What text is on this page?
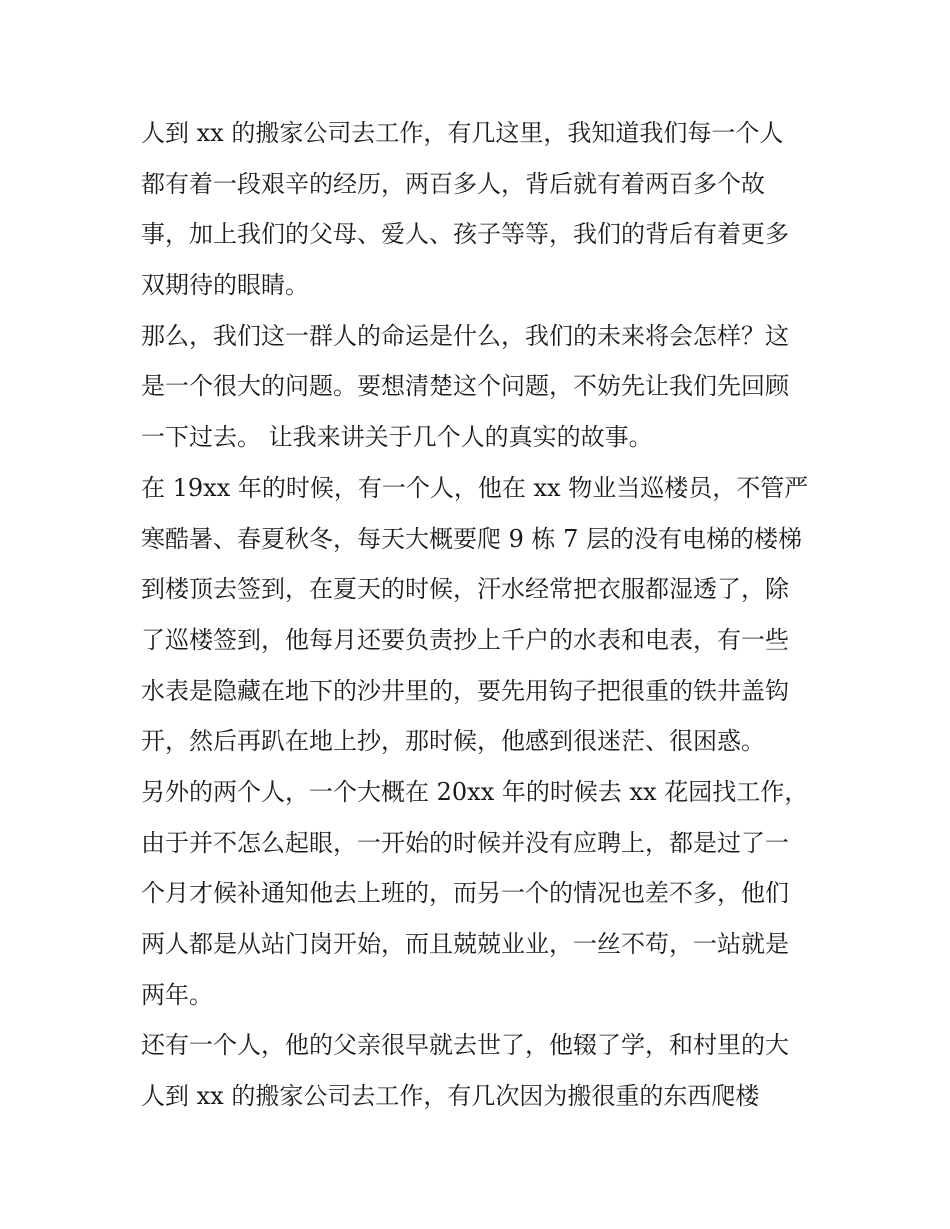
人到 xx 的搬家公司去工作，有几这里，我知道我们每一个人
都有着一段艰辛的经历，两百多人，背后就有着两百多个故
事，加上我们的父母、爱人、孩子等等，我们的背后有着更多
双期待的眼睛。

那么，我们这一群人的命运是什么，我们的未来将会怎样？这
是一个很大的问题。要想清楚这个问题，不妨先让我们先回顾
一下过去。 让我来讲关于几个人的真实的故事。

在 19xx 年的时候，有一个人，他在 xx 物业当巡楼员，不管严
寒酷暑、春夏秋冬，每天大概要爬 9 栋 7 层的没有电梯的楼梯
到楼顶去签到，在夏天的时候，汗水经常把衣服都湿透了，除
了巡楼签到，他每月还要负责抄上千户的水表和电表，有一些
水表是隐藏在地下的沙井里的，要先用钩子把很重的铁井盖钩
开，然后再趴在地上抄，那时候，他感到很迷茫、很困惑。

另外的两个人，一个大概在 20xx 年的时候去 xx 花园找工作，
由于并不怎么起眼，一开始的时候并没有应聘上，都是过了一
个月才候补通知他去上班的，而另一个的情况也差不多，他们
两人都是从站门岗开始，而且兢兢业业，一丝不苟，一站就是
两年。

还有一个人，他的父亲很早就去世了，他辍了学，和村里的大
人到 xx 的搬家公司去工作，有几次因为搬很重的东西爬楼
